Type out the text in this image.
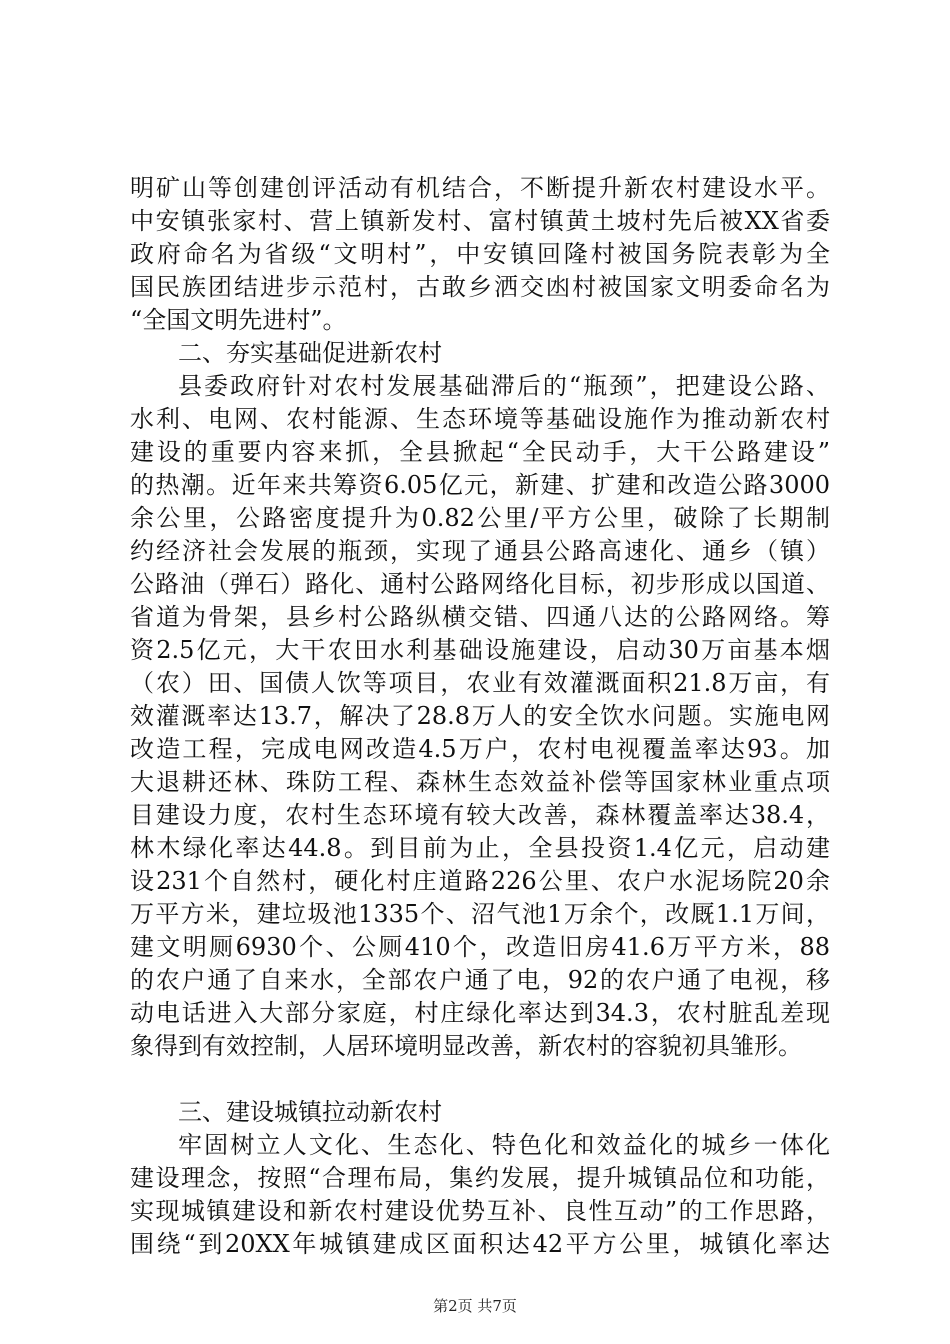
明矿山等创建创评活动有机结合，不断提升新农村建设水平。
中安镇张家村、营上镇新发村、富村镇黄土坡村先后被XX省委
政府命名为省级“文明村”，中安镇回隆村被国务院表彰为全
国民族团结进步示范村，古敢乡洒交凼村被国家文明委命名为
“全国文明先进村”。
二、夯实基础促进新农村
县委政府针对农村发展基础滞后的“瓶颈”，把建设公路、
水利、电网、农村能源、生态环境等基础设施作为推动新农村
建设的重要内容来抓，全县掀起“全民动手，大干公路建设”
的热潮。近年来共筹资6.05亿元，新建、扩建和改造公路3000
余公里，公路密度提升为0.82公里/平方公里，破除了长期制
约经济社会发展的瓶颈，实现了通县公路高速化、通乡（镇）
公路油（弹石）路化、通村公路网络化目标，初步形成以国道、
省道为骨架，县乡村公路纵横交错、四通八达的公路网络。筹
资2.5亿元，大干农田水利基础设施建设，启动30万亩基本烟
（农）田、国债人饮等项目，农业有效灌溉面积21.8万亩，有
效灌溉率达13.7，解决了28.8万人的安全饮水问题。实施电网
改造工程，完成电网改造4.5万户，农村电视覆盖率达93。加
大退耕还林、珠防工程、森林生态效益补偿等国家林业重点项
目建设力度，农村生态环境有较大改善，森林覆盖率达38.4，
林木绿化率达44.8。到目前为止，全县投资1.4亿元，启动建
设231个自然村，硬化村庄道路226公里、农户水泥场院20余
万平方米，建垃圾池1335个、沼气池1万余个，改厩1.1万间，
建文明厕6930个、公厕410个，改造旧房41.6万平方米，88
的农户通了自来水，全部农户通了电，92的农户通了电视，移
动电话进入大部分家庭，村庄绿化率达到34.3，农村脏乱差现
象得到有效控制，人居环境明显改善，新农村的容貌初具雏形。
三、建设城镇拉动新农村
牢固树立人文化、生态化、特色化和效益化的城乡一体化
建设理念，按照“合理布局，集约发展，提升城镇品位和功能，
实现城镇建设和新农村建设优势互补、良性互动”的工作思路，
围绕“到20XX年城镇建成区面积达42平方公里，城镇化率达
第2页 共7页
